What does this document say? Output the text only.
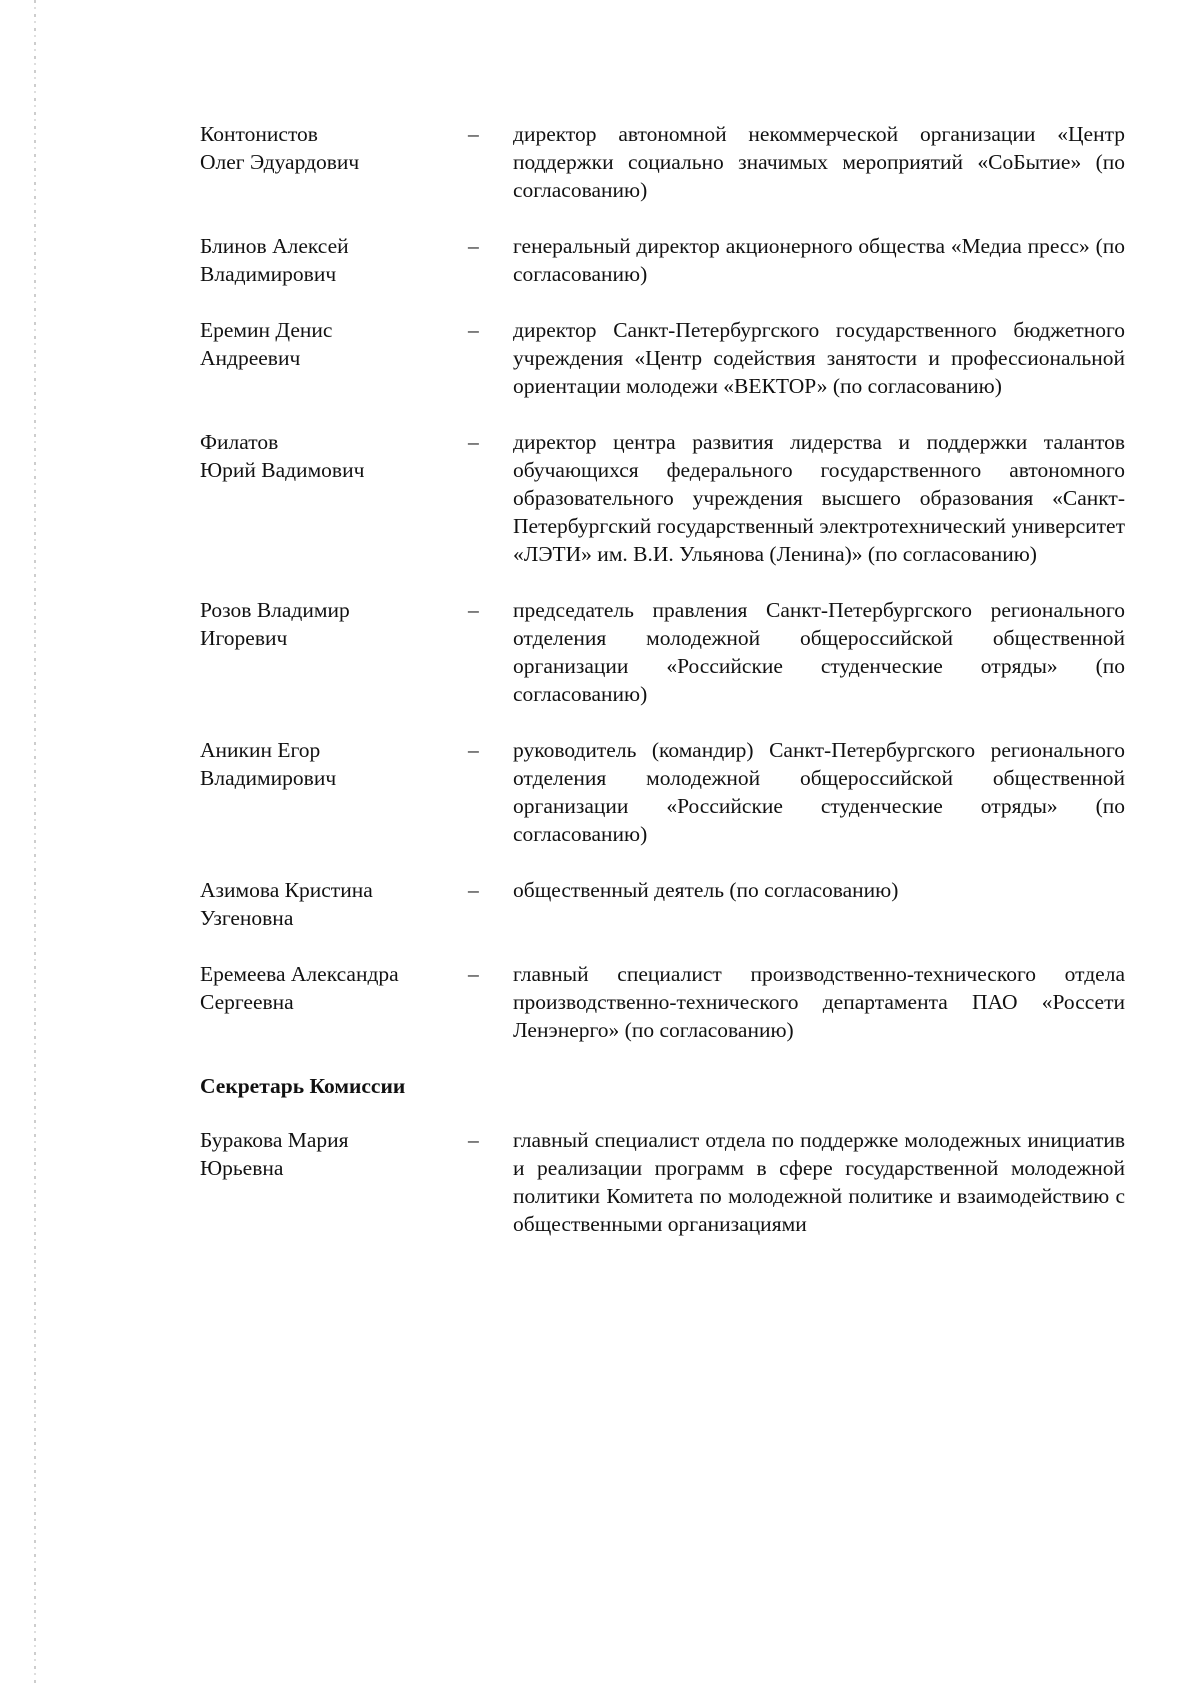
Контонистов
Олег Эдуардович
–	директор автономной некоммерческой организации «Центр поддержки социально значимых мероприятий «СоБытие» (по согласованию)
Блинов Алексей
Владимирович
–	генеральный директор акционерного общества «Медиа пресс» (по согласованию)
Еремин Денис
Андреевич
–	директор Санкт-Петербургского государственного бюджетного учреждения «Центр содействия занятости и профессиональной ориентации молодежи «ВЕКТОР» (по согласованию)
Филатов
Юрий Вадимович
–	директор центра развития лидерства и поддержки талантов обучающихся федерального государственного автономного образовательного учреждения высшего образования «Санкт-Петербургский государственный электротехнический университет «ЛЭТИ» им. В.И. Ульянова (Ленина)» (по согласованию)
Розов Владимир
Игоревич
–	председатель правления Санкт-Петербургского регионального отделения молодежной общероссийской общественной организации «Российские студенческие отряды» (по согласованию)
Аникин Егор
Владимирович
–	руководитель (командир) Санкт-Петербургского регионального отделения молодежной общероссийской общественной организации «Российские студенческие отряды» (по согласованию)
Азимова Кристина
Узгеновна
–	общественный деятель (по согласованию)
Еремеева Александра
Сергеевна
–	главный специалист производственно-технического отдела производственно-технического департамента ПАО «Россети Ленэнерго» (по согласованию)
Секретарь Комиссии
Буракова Мария
Юрьевна
–	главный специалист отдела по поддержке молодежных инициатив и реализации программ в сфере государственной молодежной политики Комитета по молодежной политике и взаимодействию с общественными организациями
